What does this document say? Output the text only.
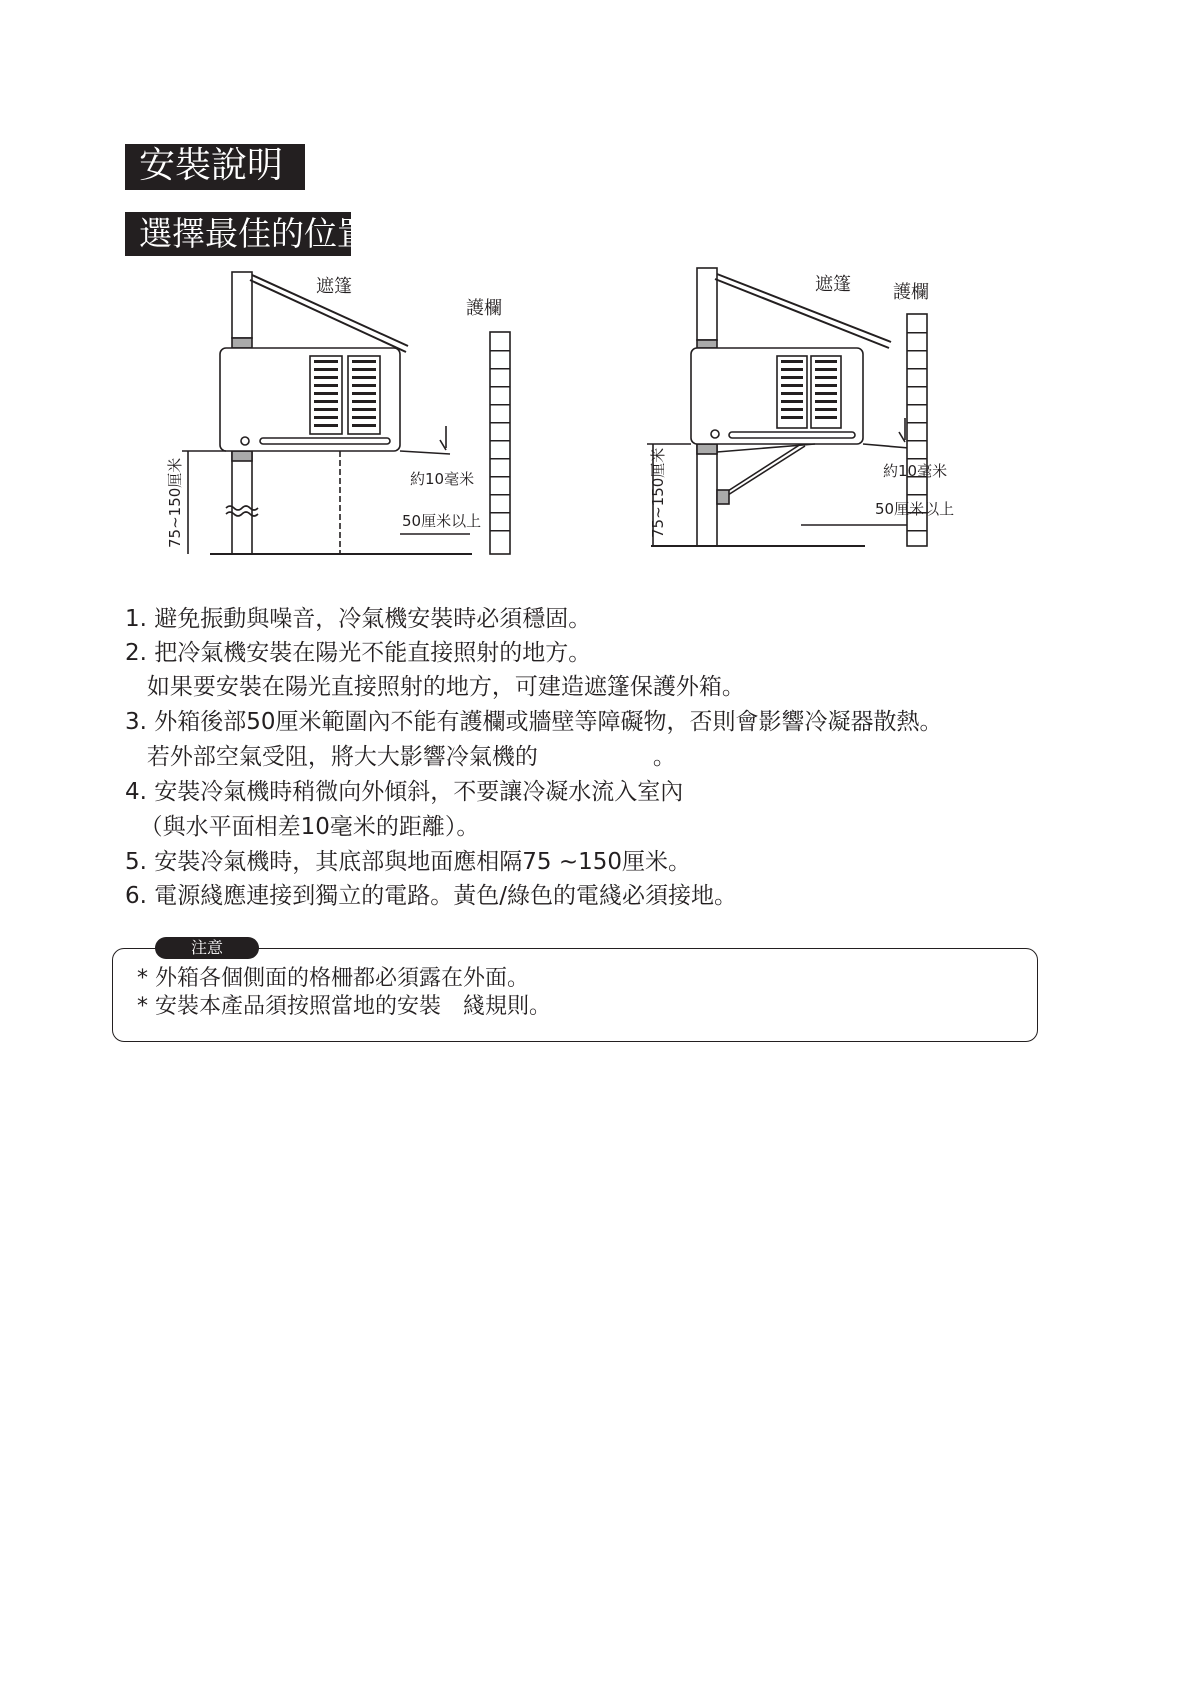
安裝說明
選擇最佳的位置
遮篷
護欄
約10毫米
50厘米以上
75~150厘米
遮篷 護欄
約10毫米
50厘米以上
75~150厘米
1. 避免振動與噪音，冷氣機安裝時必須穩固。
2. 把冷氣機安裝在陽光不能直接照射的地方。
如果要安裝在陽光直接照射的地方，可建造遮篷保護外箱。
3. 外箱後部50厘米範圍內不能有護欄或牆壁等障礙物，否則會影響冷凝器散熱。
若外部空氣受阻，將大大影響冷氣機的　　　　　。
4. 安裝冷氣機時稍微向外傾斜，不要讓冷凝水流入室內
（與水平面相差10毫米的距離）。
5. 安裝冷氣機時，其底部與地面應相隔75 ~150厘米。
6. 電源綫應連接到獨立的電路。黃色/綠色的電綫必須接地。
注意
* 外箱各個側面的格柵都必須露在外面。
* 安裝本產品須按照當地的安裝　綫規則。
